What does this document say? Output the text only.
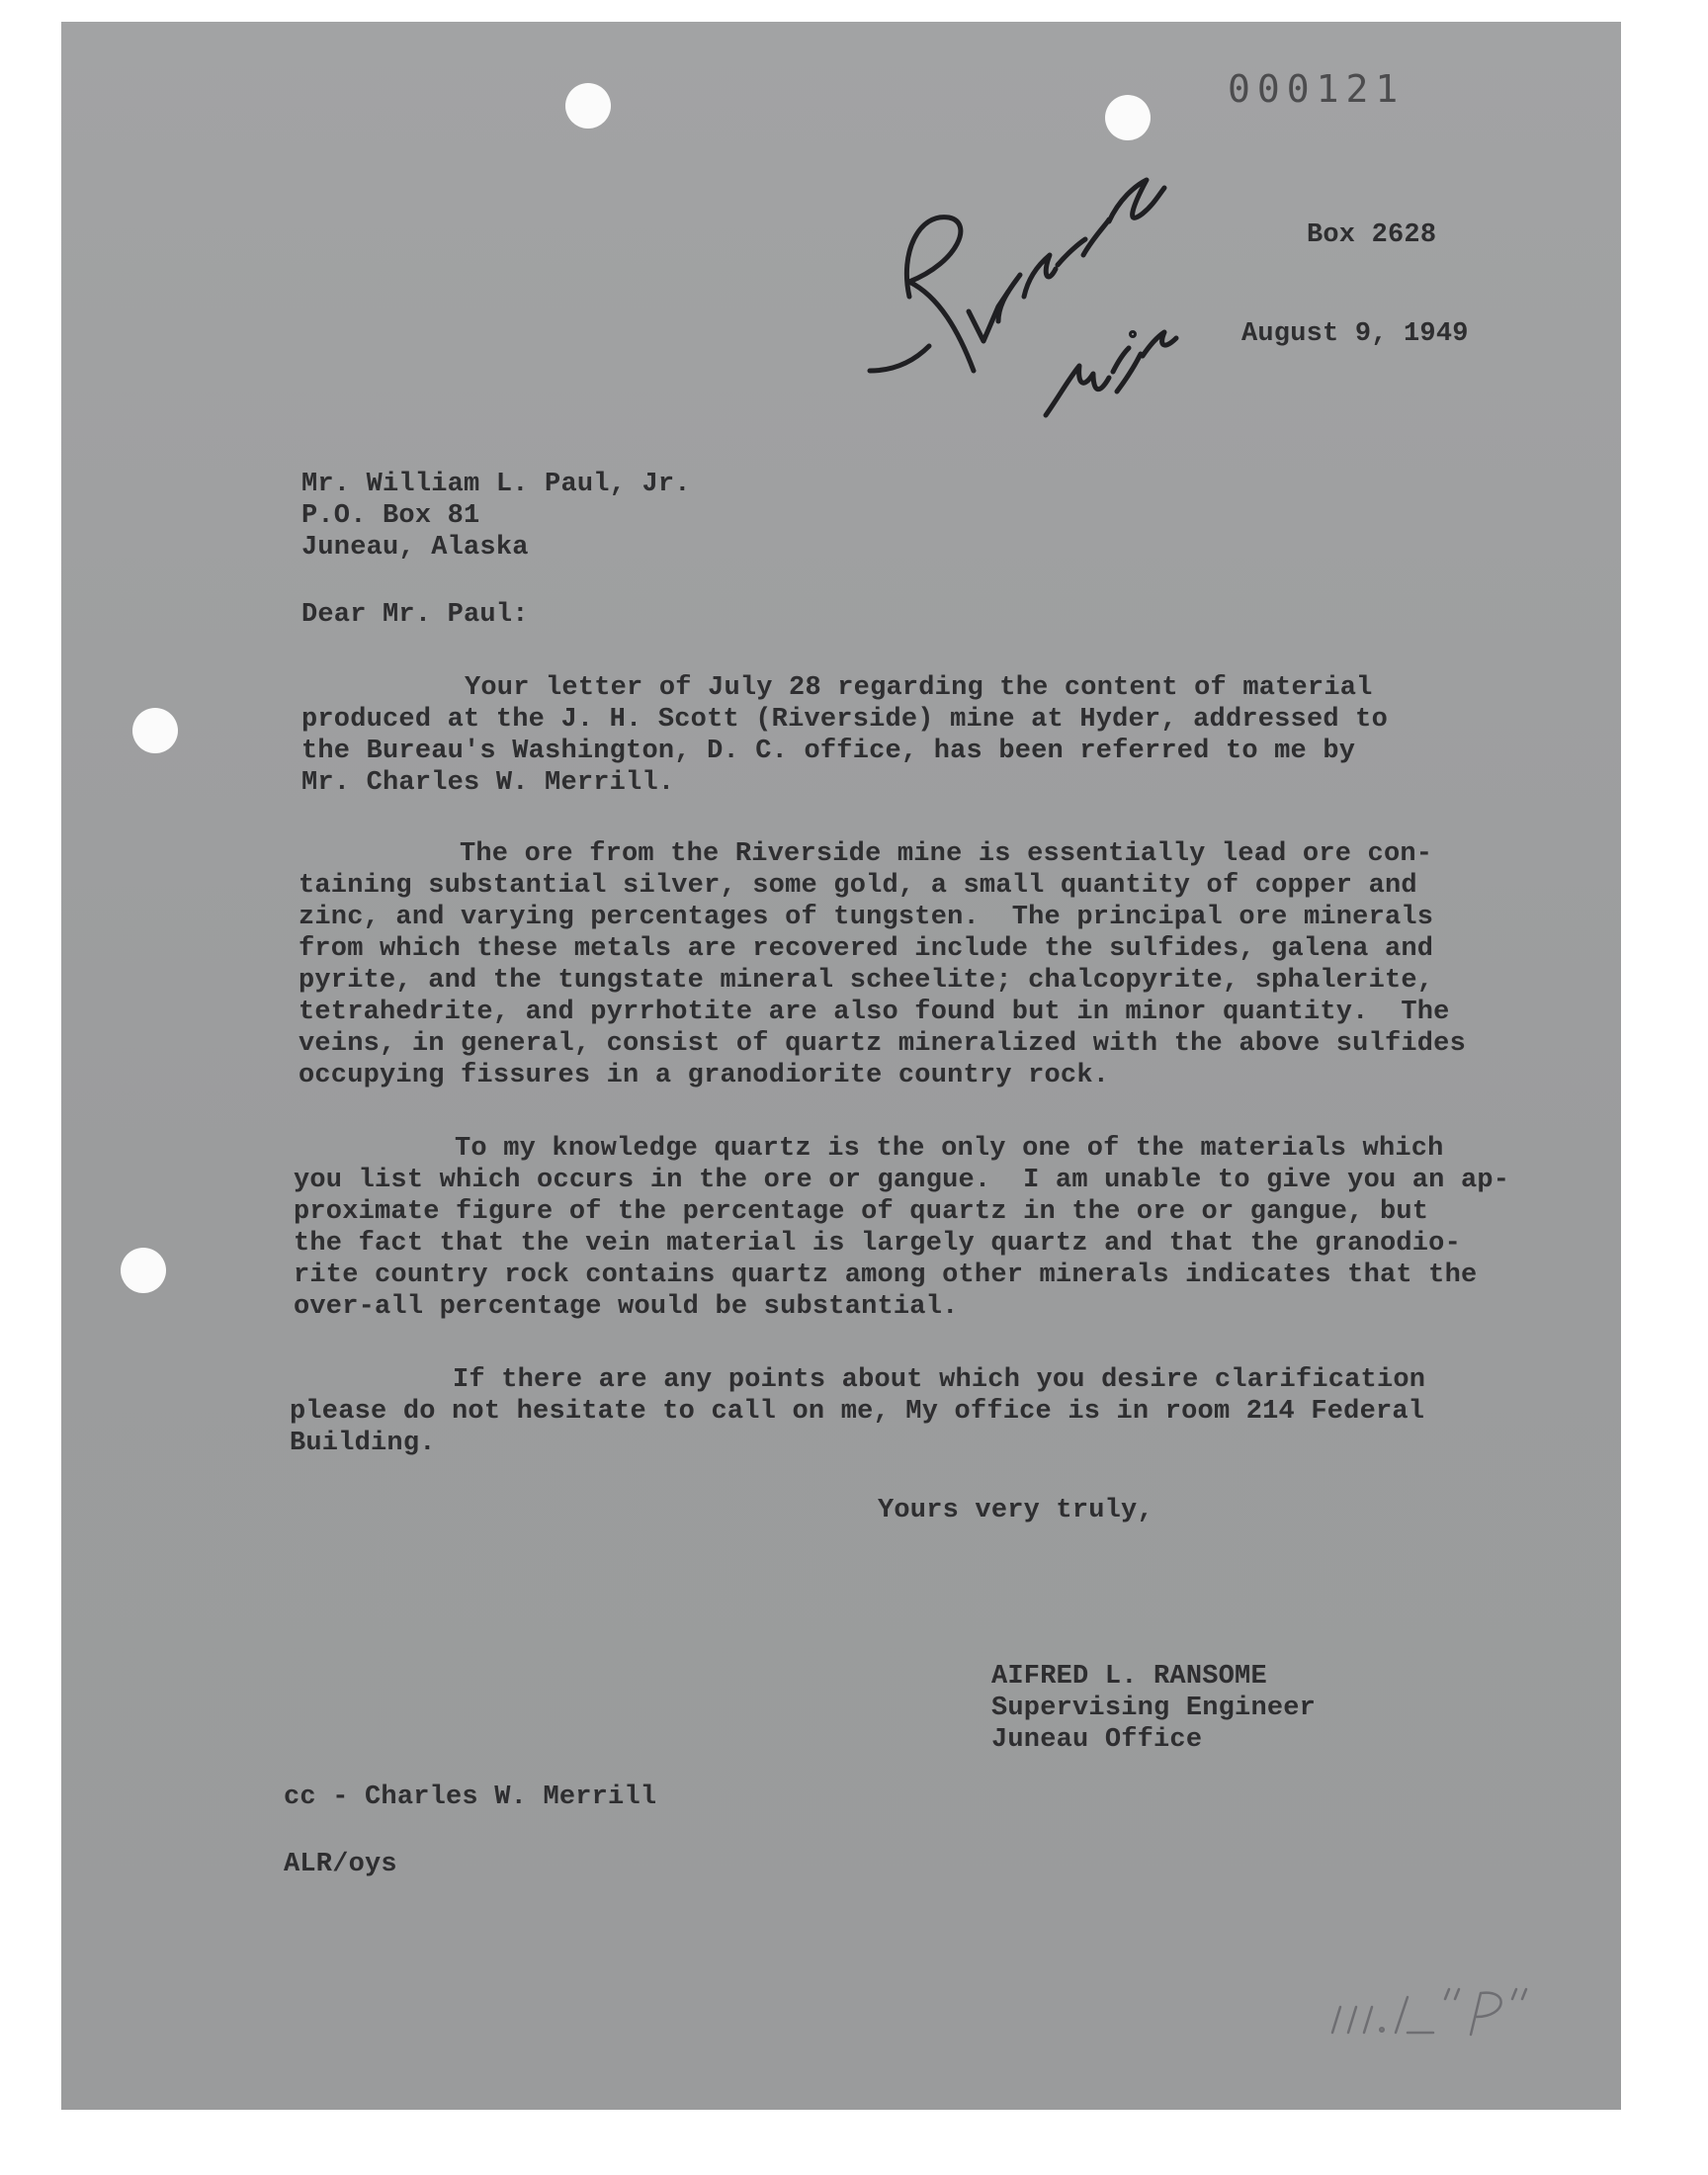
000121
Box 2628
August 9, 1949
Mr. William L. Paul, Jr.
P.O. Box 81
Juneau, Alaska
Dear Mr. Paul:
Your letter of July 28 regarding the content of material
produced at the J. H. Scott (Riverside) mine at Hyder, addressed to
the Bureau's Washington, D. C. office, has been referred to me by
Mr. Charles W. Merrill.
The ore from the Riverside mine is essentially lead ore con-
taining substantial silver, some gold, a small quantity of copper and
zinc, and varying percentages of tungsten.  The principal ore minerals
from which these metals are recovered include the sulfides, galena and
pyrite, and the tungstate mineral scheelite; chalcopyrite, sphalerite,
tetrahedrite, and pyrrhotite are also found but in minor quantity.  The
veins, in general, consist of quartz mineralized with the above sulfides
occupying fissures in a granodiorite country rock.
To my knowledge quartz is the only one of the materials which
you list which occurs in the ore or gangue.  I am unable to give you an ap-
proximate figure of the percentage of quartz in the ore or gangue, but
the fact that the vein material is largely quartz and that the granodio-
rite country rock contains quartz among other minerals indicates that the
over-all percentage would be substantial.
If there are any points about which you desire clarification
please do not hesitate to call on me, My office is in room 214 Federal
Building.
Yours very truly,
AIFRED L. RANSOME
Supervising Engineer
Juneau Office
cc - Charles W. Merrill
ALR/oys
